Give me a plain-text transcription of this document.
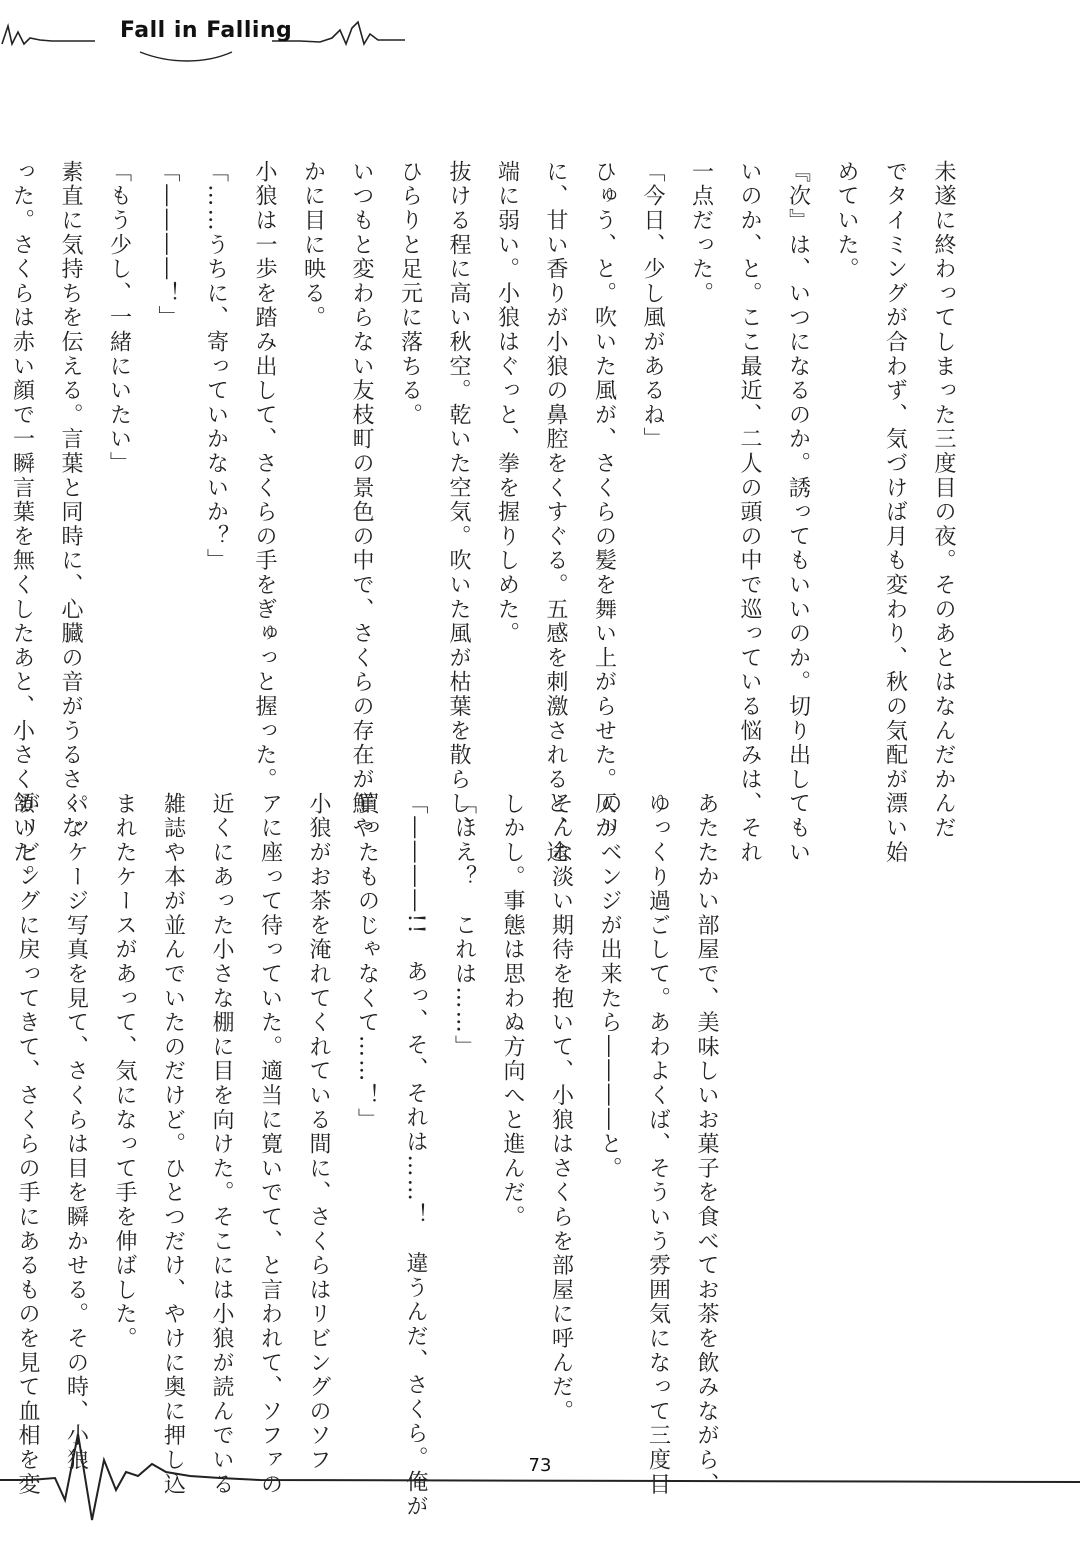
Fall in Falling
未遂に終わってしまった三度目の夜。そのあとはなんだかんだ
でタイミングが合わず、気づけば月も変わり、秋の気配が漂い始
めていた。
『次』は、いつになるのか。誘ってもいいのか。切り出してもい
いのか、と。ここ最近、二人の頭の中で巡っている悩みは、それ
一点だった。
「今日、少し風があるね」
ひゅう、と。吹いた風が、さくらの髪を舞い上がらせた。仄か
に、甘い香りが小狼の鼻腔をくすぐる。五感を刺激されると、途
端に弱い。小狼はぐっと、拳を握りしめた。
抜ける程に高い秋空。乾いた空気。吹いた風が枯葉を散らし、
ひらりと足元に落ちる。
いつもと変わらない友枝町の景色の中で、さくらの存在が鮮や
かに目に映る。
小狼は一歩を踏み出して、さくらの手をぎゅっと握った。
「……うちに、寄っていかないか？」
「――――！」
「もう少し、一緒にいたい」
素直に気持ちを伝える。言葉と同時に、心臓の音がうるさくな
った。さくらは赤い顔で一瞬言葉を無くしたあと、小さく頷いた。
あたたかい部屋で、美味しいお菓子を食べてお茶を飲みながら、
ゆっくり過ごして。あわよくば、そういう雰囲気になって三度目
のリベンジが出来たら――――と。
そんな淡い期待を抱いて、小狼はさくらを部屋に呼んだ。
しかし。事態は思わぬ方向へと進んだ。
「ほえ？　これは……」
「――――!!　あっ、そ、それは……！　違うんだ、さくら。俺が
買ったものじゃなくて……！」
小狼がお茶を淹れてくれている間に、さくらはリビングのソフ
アに座って待っていた。適当に寛いでて、と言われて、ソファの
近くにあった小さな棚に目を向けた。そこには小狼が読んでいる
雑誌や本が並んでいたのだけど。ひとつだけ、やけに奥に押し込
まれたケースがあって、気になって手を伸ばした。
パッケージ写真を見て、さくらは目を瞬かせる。その時、小狼
がリビングに戻ってきて、さくらの手にあるものを見て血相を変	73
